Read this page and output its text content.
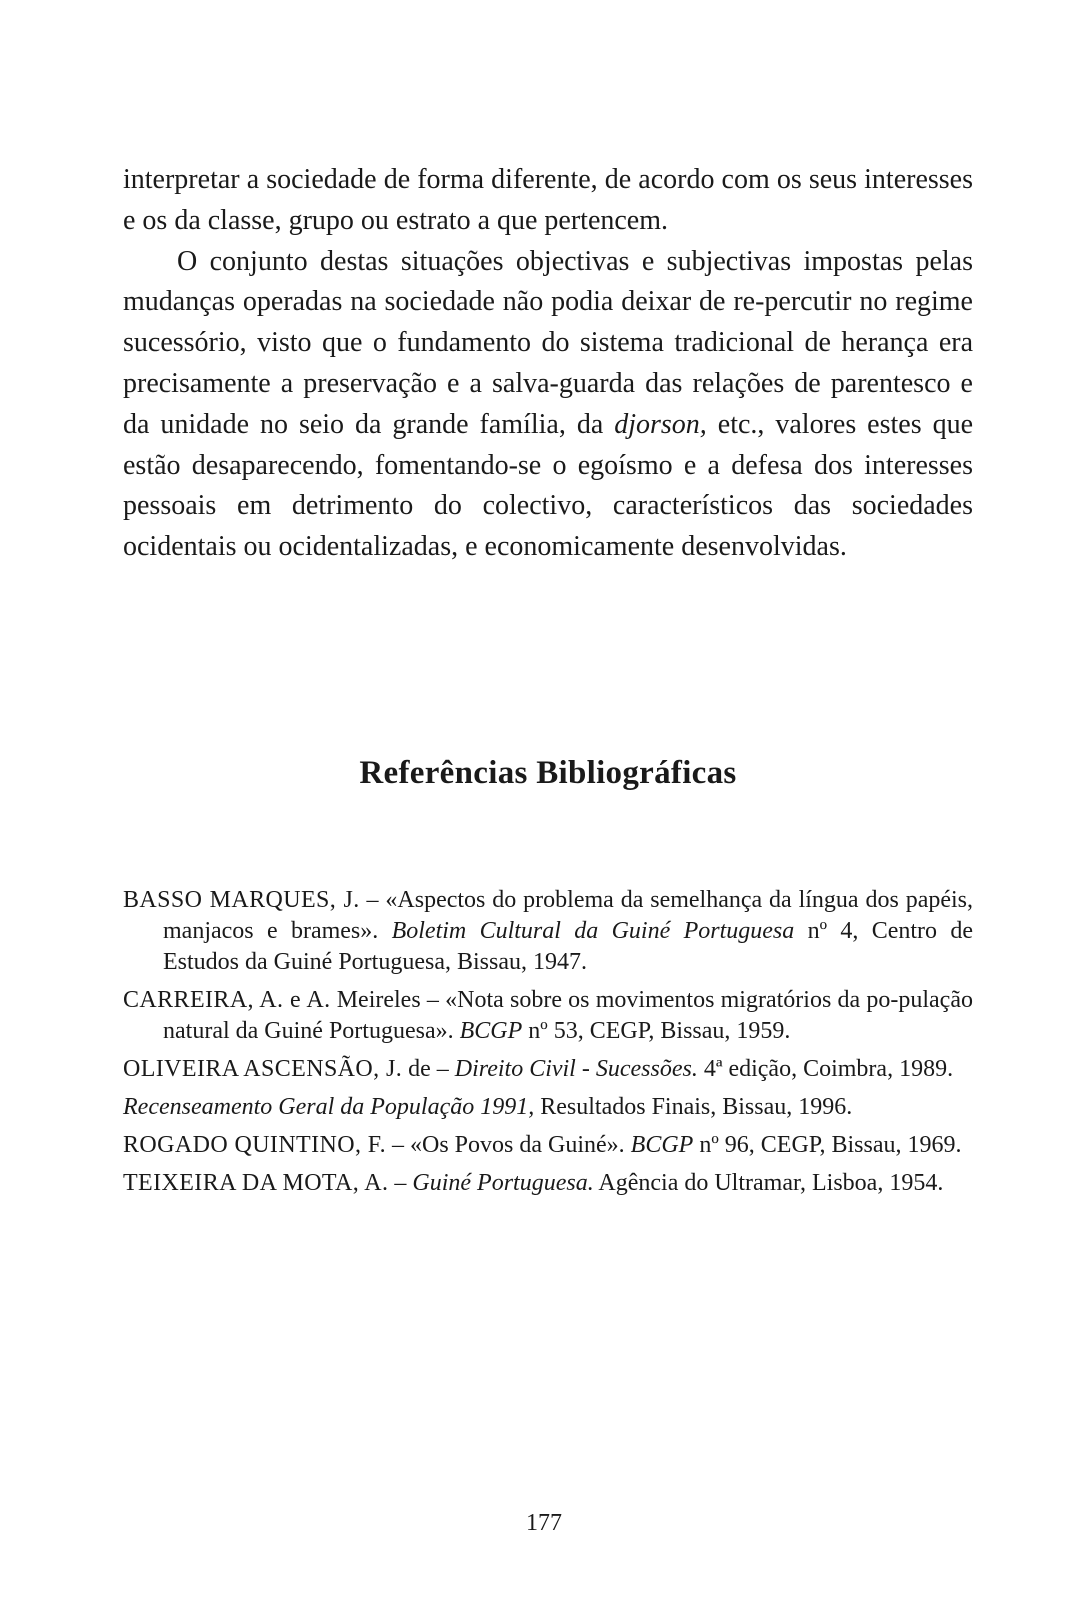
interpretar a sociedade de forma diferente, de acordo com os seus interesses e os da classe, grupo ou estrato a que pertencem.

O conjunto destas situações objectivas e subjectivas impostas pelas mudanças operadas na sociedade não podia deixar de re-percutir no regime sucessório, visto que o fundamento do sistema tradicional de herança era precisamente a preservação e a salva-guarda das relações de parentesco e da unidade no seio da grande família, da djorson, etc., valores estes que estão desaparecendo, fomentando-se o egoísmo e a defesa dos interesses pessoais em detrimento do colectivo, característicos das sociedades ocidentais ou ocidentalizadas, e economicamente desenvolvidas.

Referências Bibliográficas

BASSO MARQUES, J. – «Aspectos do problema da semelhança da língua dos papéis, manjacos e brames». Boletim Cultural da Guiné Portuguesa nº 4, Centro de Estudos da Guiné Portuguesa, Bissau, 1947.

CARREIRA, A. e A. Meireles – «Nota sobre os movimentos migratórios da po-pulação natural da Guiné Portuguesa». BCGP nº 53, CEGP, Bissau, 1959.

OLIVEIRA ASCENSÃO, J. de – Direito Civil - Sucessões. 4ª edição, Coimbra, 1989.

Recenseamento Geral da População 1991, Resultados Finais, Bissau, 1996.

ROGADO QUINTINO, F. – «Os Povos da Guiné». BCGP nº 96, CEGP, Bissau, 1969.

TEIXEIRA DA MOTA, A. – Guiné Portuguesa. Agência do Ultramar, Lisboa, 1954.

177
